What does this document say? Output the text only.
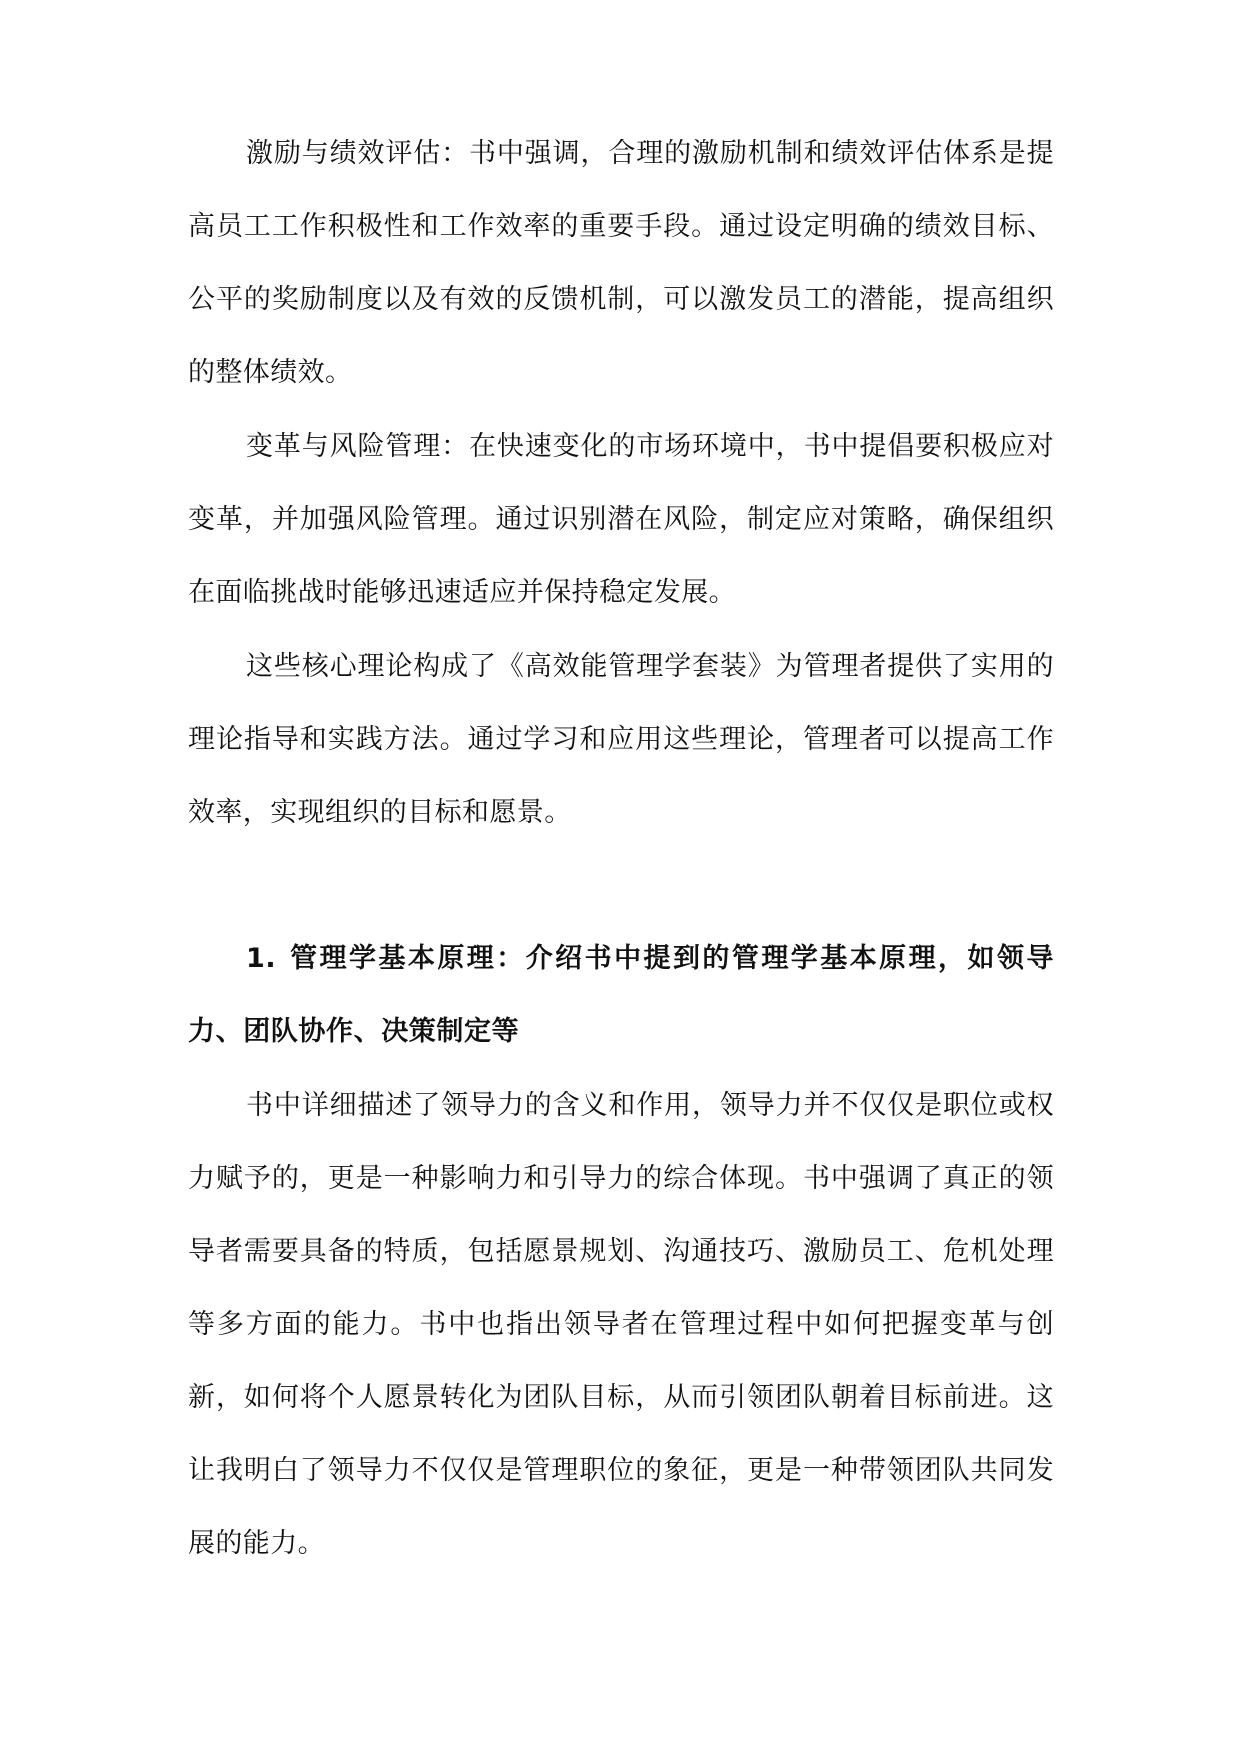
激励与绩效评估：书中强调，合理的激励机制和绩效评估体系是提高员工工作积极性和工作效率的重要手段。通过设定明确的绩效目标、公平的奖励制度以及有效的反馈机制，可以激发员工的潜能，提高组织的整体绩效。

变革与风险管理：在快速变化的市场环境中，书中提倡要积极应对变革，并加强风险管理。通过识别潜在风险，制定应对策略，确保组织在面临挑战时能够迅速适应并保持稳定发展。

这些核心理论构成了《高效能管理学套装》为管理者提供了实用的理论指导和实践方法。通过学习和应用这些理论，管理者可以提高工作效率，实现组织的目标和愿景。

1. 管理学基本原理：介绍书中提到的管理学基本原理，如领导力、团队协作、决策制定等

书中详细描述了领导力的含义和作用，领导力并不仅仅是职位或权力赋予的，更是一种影响力和引导力的综合体现。书中强调了真正的领导者需要具备的特质，包括愿景规划、沟通技巧、激励员工、危机处理等多方面的能力。书中也指出领导者在管理过程中如何把握变革与创新，如何将个人愿景转化为团队目标，从而引领团队朝着目标前进。这让我明白了领导力不仅仅是管理职位的象征，更是一种带领团队共同发展的能力。
